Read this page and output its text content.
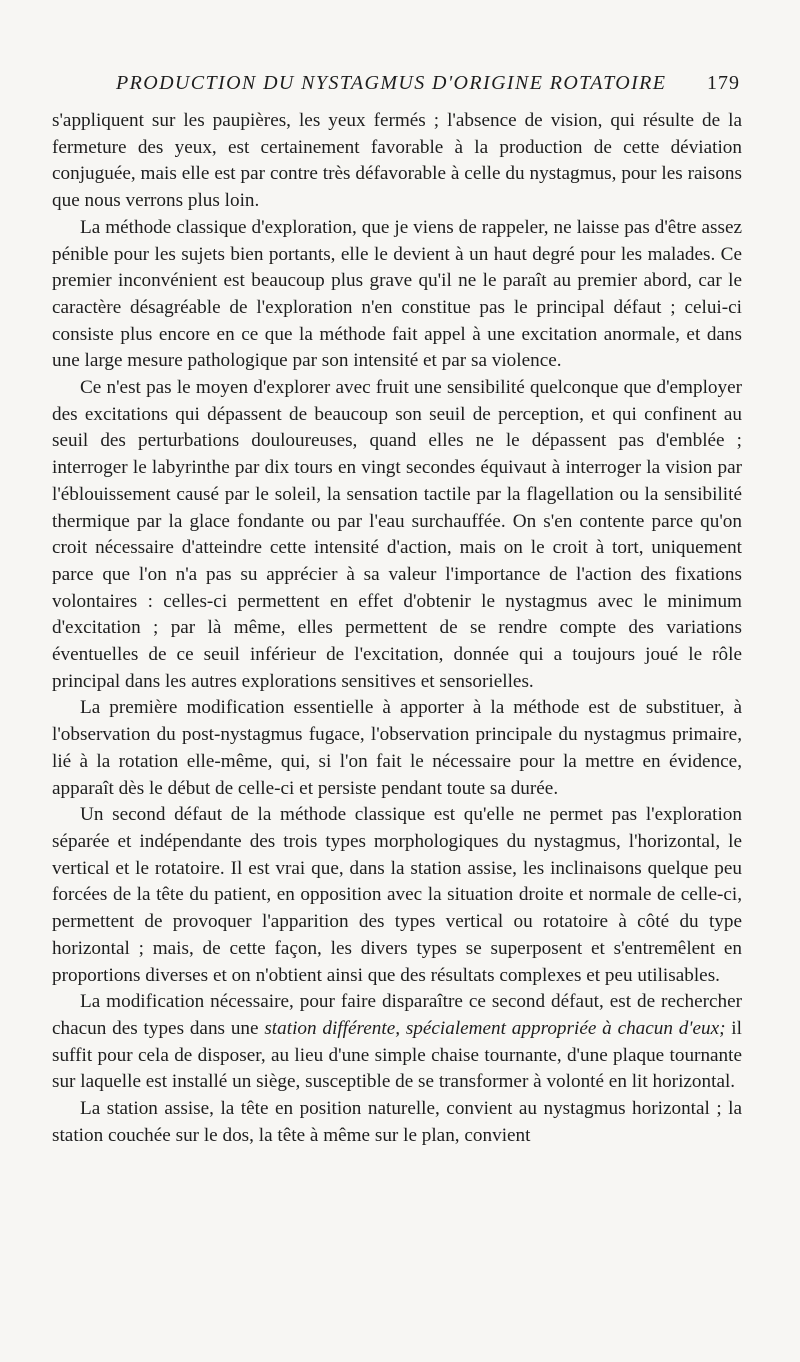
PRODUCTION DU NYSTAGMUS D'ORIGINE ROTATOIRE 179

s'appliquent sur les paupières, les yeux fermés ; l'absence de vision, qui résulte de la fermeture des yeux, est certainement favorable à la production de cette déviation conjuguée, mais elle est par contre très défavorable à celle du nystagmus, pour les raisons que nous verrons plus loin.

La méthode classique d'exploration, que je viens de rappeler, ne laisse pas d'être assez pénible pour les sujets bien portants, elle le devient à un haut degré pour les malades. Ce premier inconvénient est beaucoup plus grave qu'il ne le paraît au premier abord, car le caractère désagréable de l'exploration n'en constitue pas le principal défaut ; celui-ci consiste plus encore en ce que la méthode fait appel à une excitation anormale, et dans une large mesure pathologique par son intensité et par sa violence.

Ce n'est pas le moyen d'explorer avec fruit une sensibilité quelconque que d'employer des excitations qui dépassent de beaucoup son seuil de perception, et qui confinent au seuil des perturbations douloureuses, quand elles ne le dépassent pas d'emblée ; interroger le labyrinthe par dix tours en vingt secondes équivaut à interroger la vision par l'éblouissement causé par le soleil, la sensation tactile par la flagellation ou la sensibilité thermique par la glace fondante ou par l'eau surchauffée. On s'en contente parce qu'on croit nécessaire d'atteindre cette intensité d'action, mais on le croit à tort, uniquement parce que l'on n'a pas su apprécier à sa valeur l'importance de l'action des fixations volontaires : celles-ci permettent en effet d'obtenir le nystagmus avec le minimum d'excitation ; par là même, elles permettent de se rendre compte des variations éventuelles de ce seuil inférieur de l'excitation, donnée qui a toujours joué le rôle principal dans les autres explorations sensitives et sensorielles.

La première modification essentielle à apporter à la méthode est de substituer, à l'observation du post-nystagmus fugace, l'observation principale du nystagmus primaire, lié à la rotation elle-même, qui, si l'on fait le nécessaire pour la mettre en évidence, apparaît dès le début de celle-ci et persiste pendant toute sa durée.

Un second défaut de la méthode classique est qu'elle ne permet pas l'exploration séparée et indépendante des trois types morphologiques du nystagmus, l'horizontal, le vertical et le rotatoire. Il est vrai que, dans la station assise, les inclinaisons quelque peu forcées de la tête du patient, en opposition avec la situation droite et normale de celle-ci, permettent de provoquer l'apparition des types vertical ou rotatoire à côté du type horizontal ; mais, de cette façon, les divers types se superposent et s'entremêlent en proportions diverses et on n'obtient ainsi que des résultats complexes et peu utilisables.

La modification nécessaire, pour faire disparaître ce second défaut, est de rechercher chacun des types dans une station différente, spécialement appropriée à chacun d'eux; il suffit pour cela de disposer, au lieu d'une simple chaise tournante, d'une plaque tournante sur laquelle est installé un siège, susceptible de se transformer à volonté en lit horizontal.

La station assise, la tête en position naturelle, convient au nystagmus horizontal ; la station couchée sur le dos, la tête à même sur le plan, convient
